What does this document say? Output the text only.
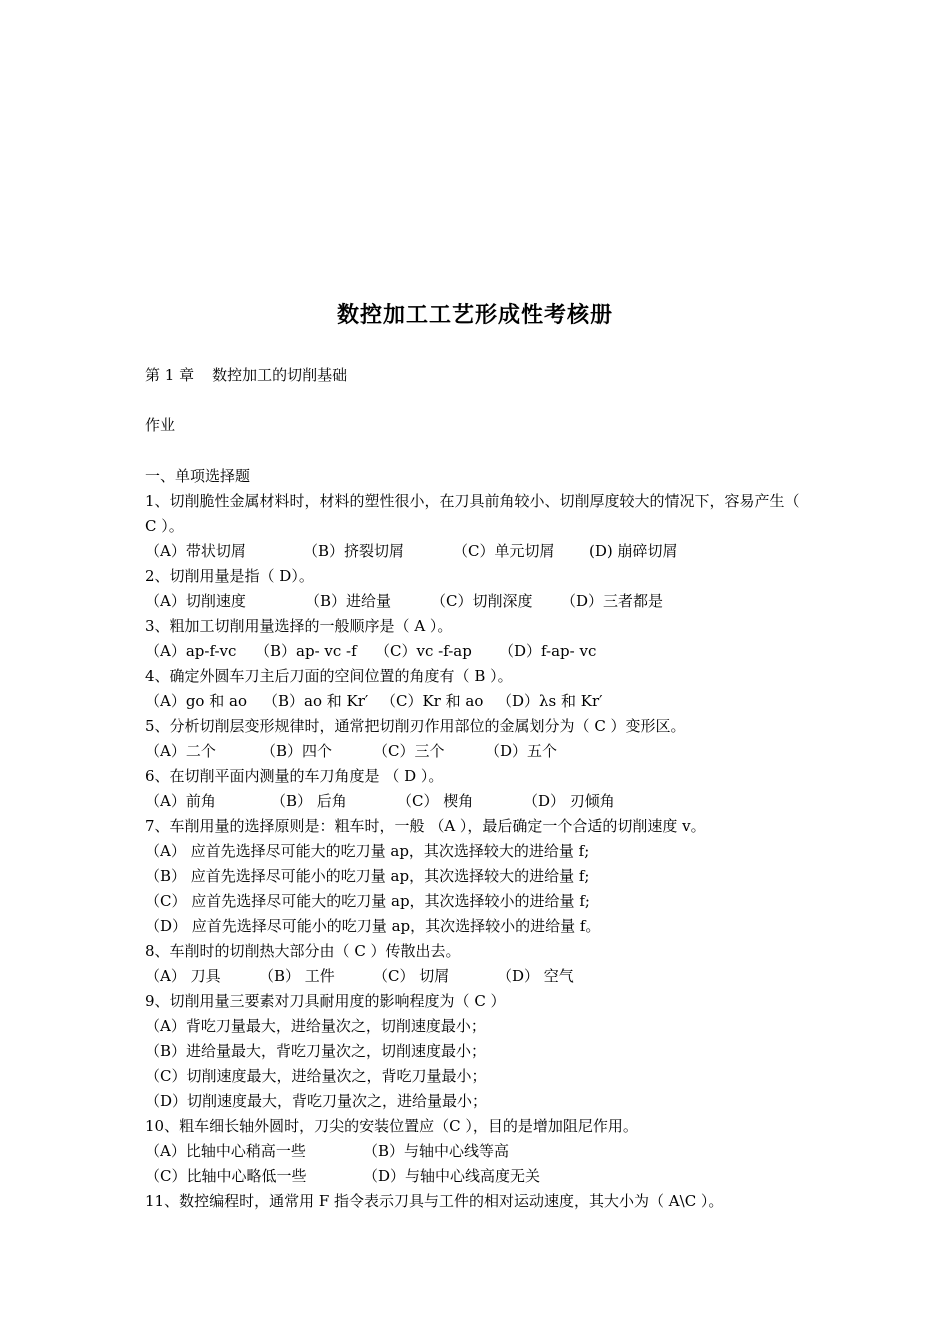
数控加工工艺形成性考核册
第 1 章 数控加工的切削基础
作业
一、单项选择题
1、切削脆性金属材料时，材料的塑性很小，在刀具前角较小、切削厚度较大的情况下，容易产生（ C ）。
（A）带状切屑	（B）挤裂切屑	（C）单元切屑 (D) 崩碎切屑
2、切削用量是指（ D）。
（A）切削速度	（B）进给量	（C）切削深度 （D）三者都是
3、粗加工切削用量选择的一般顺序是（ A ）。
（A）ap-f-vc （B）ap- vc -f （C）vc -f-ap （D）f-ap- vc
4、确定外圆车刀主后刀面的空间位置的角度有（ B ）。
（A）go 和 ao （B）ao 和 Kr′ （C）Kr 和 ao （D）λs 和 Kr′
5、分析切削层变形规律时，通常把切削刃作用部位的金属划分为（ C ）变形区。
（A）二个	（B）四个	（C）三个	（D）五个
6、在切削平面内测量的车刀角度是 （ D ）。
（A）前角	（B） 后角	（C） 楔角	（D） 刃倾角
7、车削用量的选择原则是：粗车时，一般 （A ），最后确定一个合适的切削速度 v。
（A） 应首先选择尽可能大的吃刀量 ap，其次选择较大的进给量 f;
（B） 应首先选择尽可能小的吃刀量 ap，其次选择较大的进给量 f;
（C） 应首先选择尽可能大的吃刀量 ap，其次选择较小的进给量 f;
（D） 应首先选择尽可能小的吃刀量 ap，其次选择较小的进给量 f。
8、车削时的切削热大部分由（ C ）传散出去。
（A） 刀具	（B） 工件	（C） 切屑	（D） 空气
9、切削用量三要素对刀具耐用度的影响程度为（ C ）
（A）背吃刀量最大，进给量次之，切削速度最小；
（B）进给量最大，背吃刀量次之，切削速度最小；
（C）切削速度最大，进给量次之，背吃刀量最小；
（D）切削速度最大，背吃刀量次之，进给量最小；
10、粗车细长轴外圆时，刀尖的安装位置应（C ），目的是增加阻尼作用。
（A）比轴中心稍高一些	（B）与轴中心线等高
（C）比轴中心略低一些	（D）与轴中心线高度无关
11、数控编程时，通常用 F 指令表示刀具与工件的相对运动速度，其大小为（ A\C ）。
